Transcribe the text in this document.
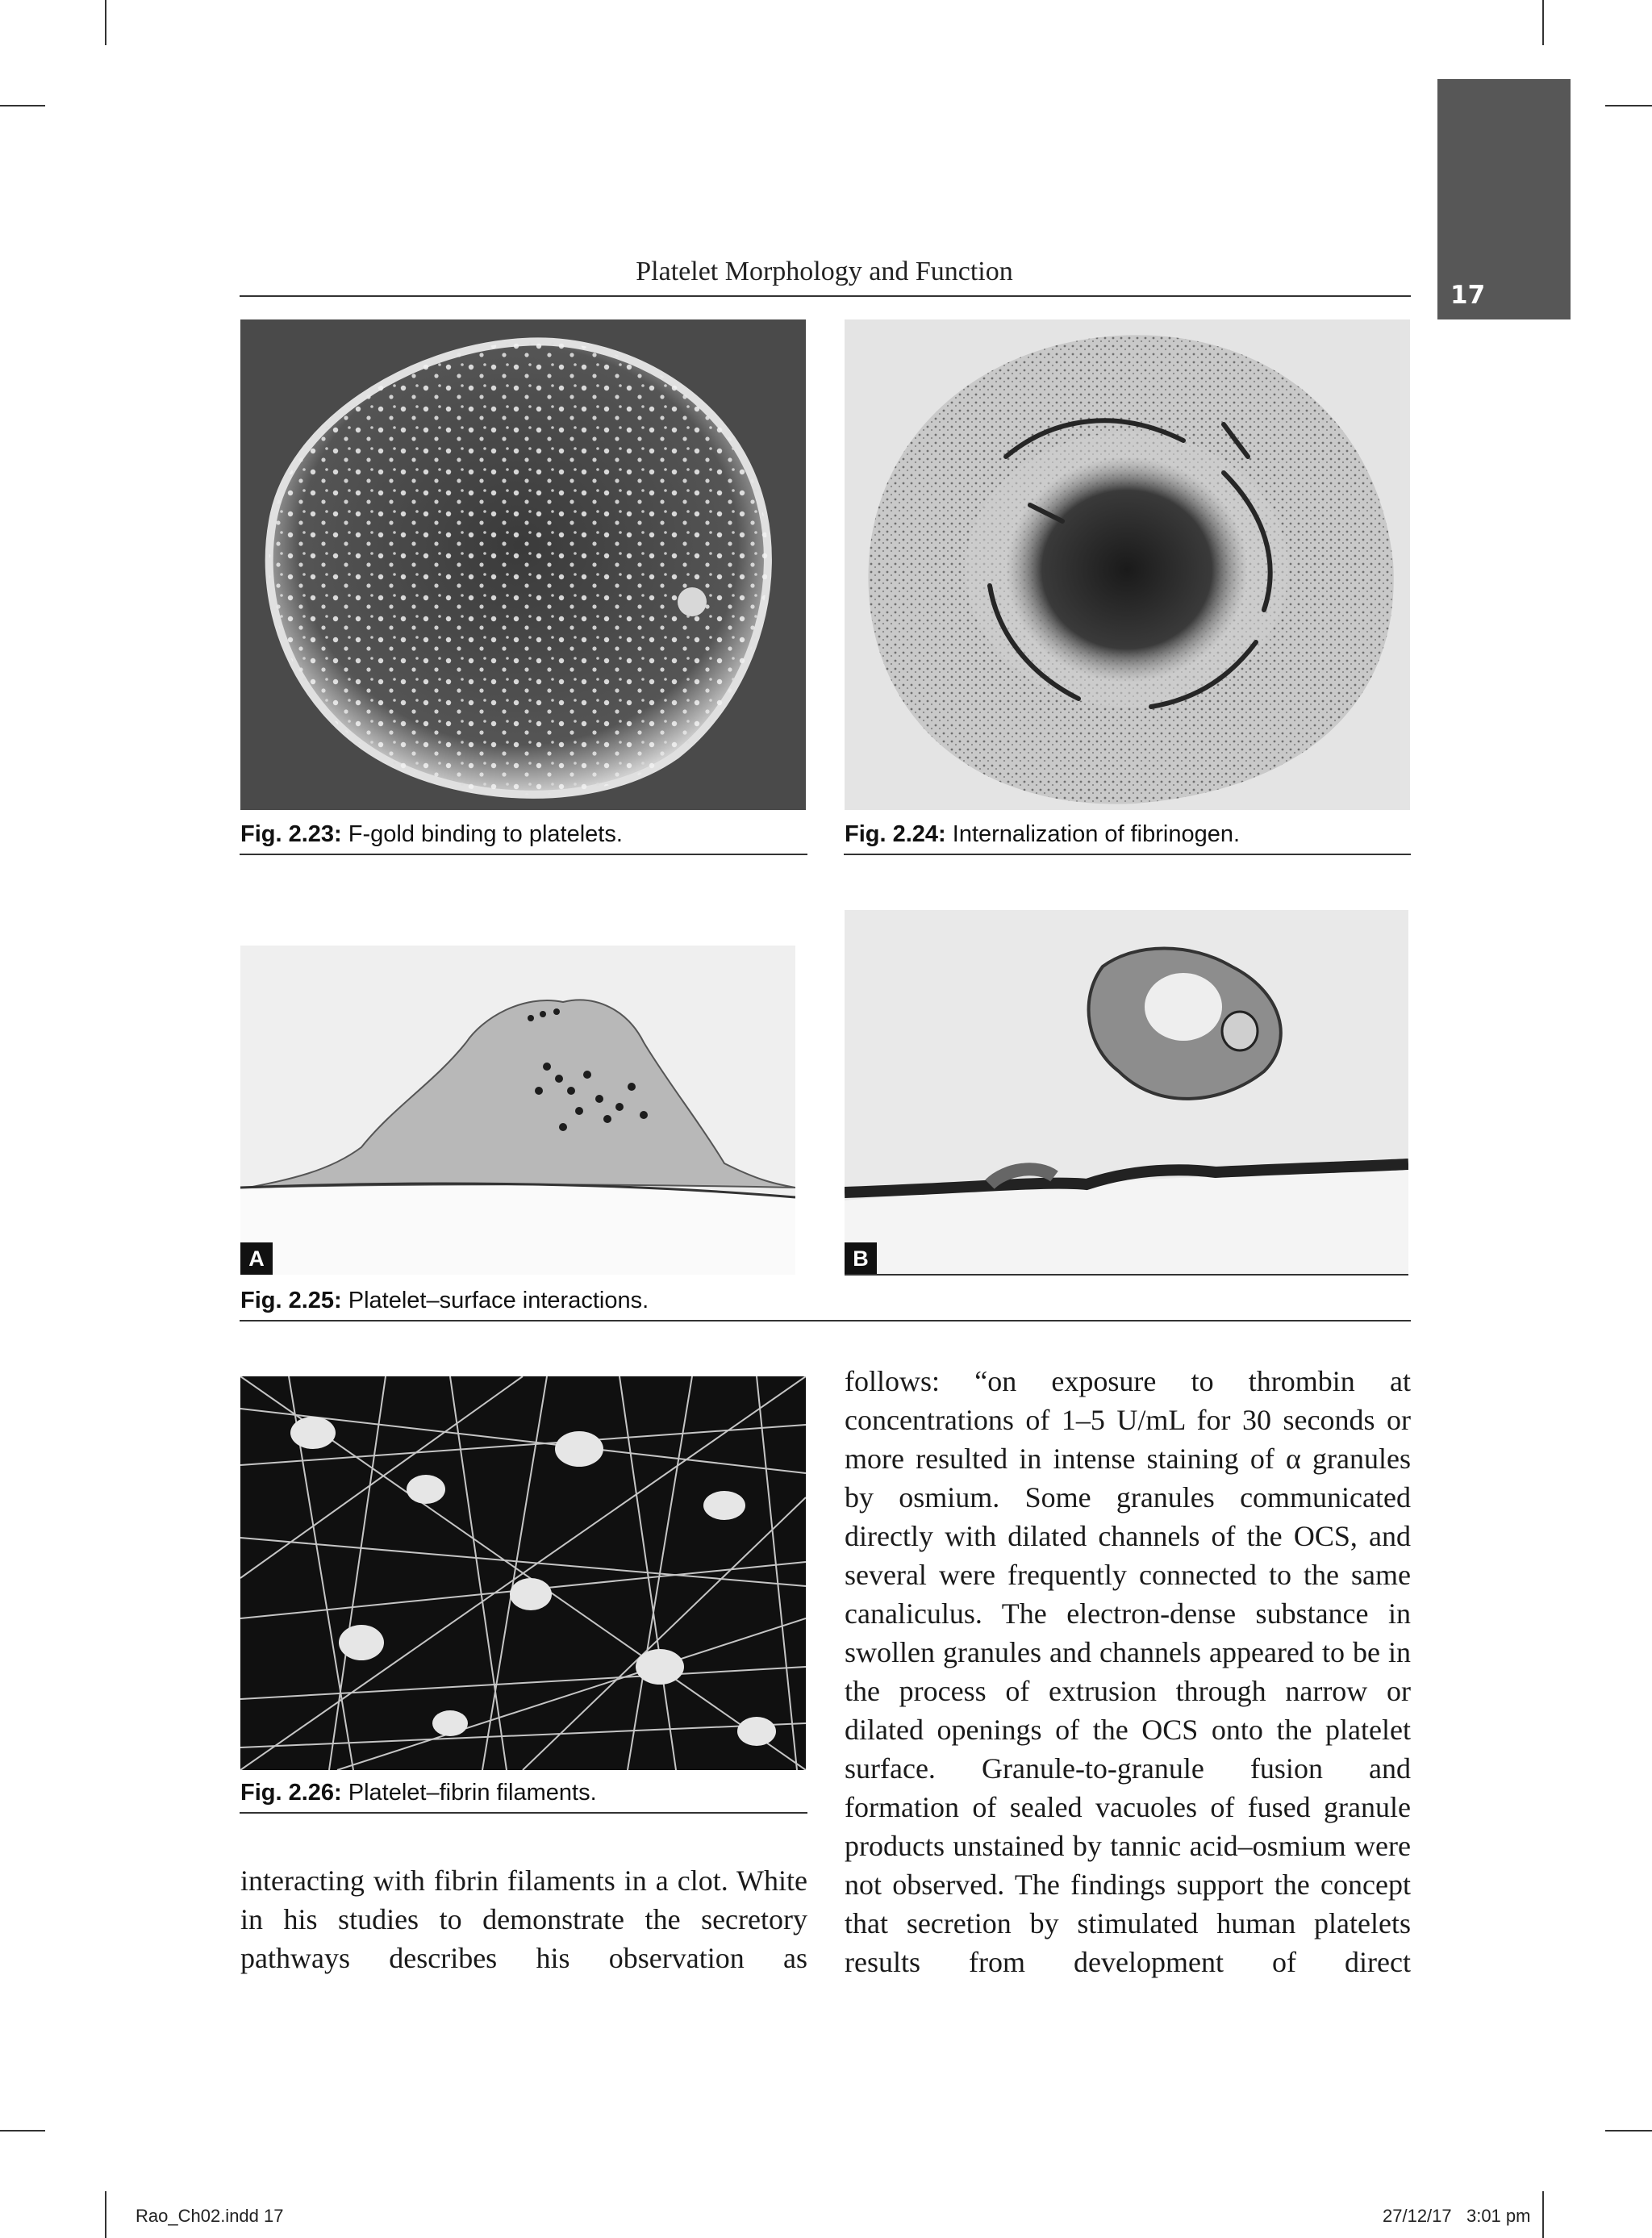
17
Platelet Morphology and Function
Fig. 2.23: F-gold binding to platelets.	Fig. 2.24: Internalization of fibrinogen.
A	B
Fig. 2.25: Platelet–surface interactions.
Fig. 2.26: Platelet–fibrin filaments.
interacting with fibrin filaments in a clot. White in his studies to demonstrate the secretory pathways describes his observation as
follows: “on exposure to thrombin at concentrations of 1–5 U/mL for 30 seconds or more resulted in intense staining of α granules by osmium. Some granules communicated directly with dilated channels of the OCS, and several were frequently connected to the same canaliculus. The electron-dense substance in swollen granules and channels appeared to be in the process of extrusion through narrow or dilated openings of the OCS onto the platelet surface. Granule-to-granule fusion and formation of sealed vacuoles of fused granule products unstained by tannic acid–osmium were not observed. The findings support the concept that secretion by stimulated human platelets results from development of direct
Rao_Ch02.indd 17	27/12/17   3:01 pm
